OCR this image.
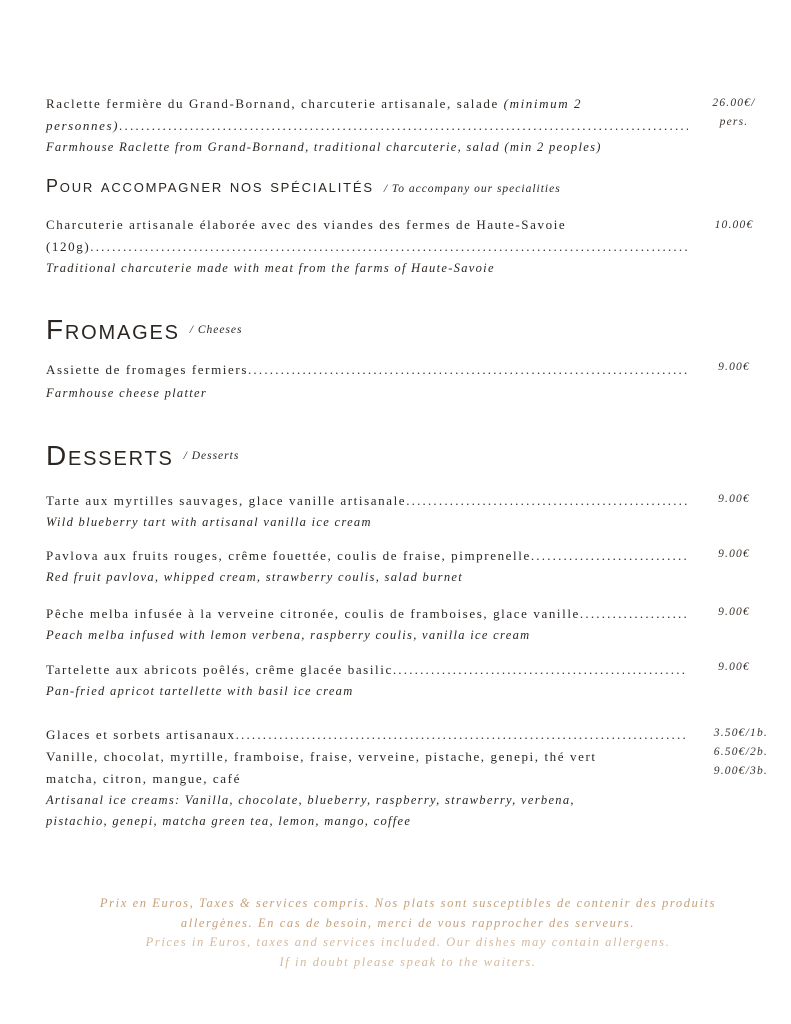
Raclette fermière du Grand-Bornand, charcuterie artisanale, salade (minimum 2
personnes)
.....
Farmhouse Raclette from Grand-Bornand, traditional charcuterie, salad (min 2 peoples)
26.00€/
pers.
Pour accompagner nos spécialités / To accompany our specialities
Charcuterie artisanale élaborée avec des viandes des fermes de Haute-Savoie
(120g)
.....
Traditional charcuterie made with meat from the farms of Haute-Savoie
10.00€
Fromages $^{/ Cheeses}$
Assiette de fromages fermiers
.....
Farmhouse cheese platter
9.00€
Desserts $^{/ Desserts}$
Tarte aux myrtilles sauvages, glace vanille artisanale
.....
Wild blueberry tart with artisanal vanilla ice cream
9.00€
Pavlova aux fruits rouges, crême fouettée, coulis de fraise, pimprenelle
.....
Red fruit pavlova, whipped cream, strawberry coulis, salad burnet
9.00€
Pêche melba infusée à la verveine citronée, coulis de framboises, glace vanille
.....
Peach melba infused with lemon verbena, raspberry coulis, vanilla ice cream
9.00€
Tartelette aux abricots poêlés, crême glacée basilic
.....
Pan-fried apricot tartellette with basil ice cream
9.00€
Glaces et sorbets artisanaux
.....
Vanille, chocolat, myrtille, framboise, fraise, verveine, pistache, genepi, thé vert
matcha, citron, mangue, café
Artisanal ice creams: Vanilla, chocolate, blueberry, raspberry, strawberry, verbena,
pistachio, genepi, matcha green tea, lemon, mango, coffee
3.50€/1b.
6.50€/2b.
9.00€/3b.
Prix en Euros, Taxes & services compris. Nos plats sont susceptibles de contenir des produits
allergènes. En cas de besoin, merci de vous rapprocher des serveurs.
Prices in Euros, taxes and services included. Our dishes may contain allergens.
If in doubt please speak to the waiters.
